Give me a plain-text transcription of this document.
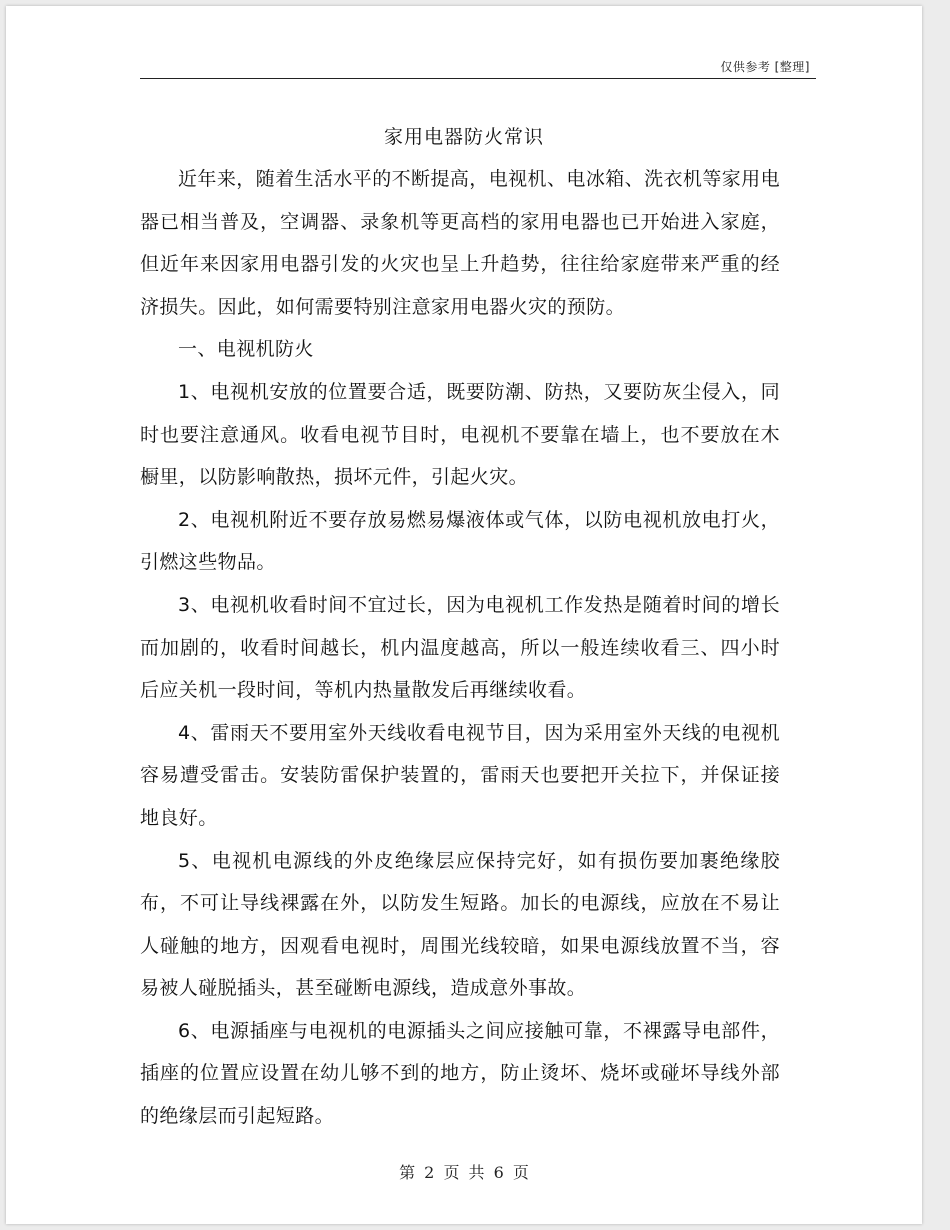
仅供参考 [整理]
家用电器防火常识

近年来，随着生活水平的不断提高，电视机、电冰箱、洗衣机等家用电器已相当普及，空调器、录象机等更高档的家用电器也已开始进入家庭，但近年来因家用电器引发的火灾也呈上升趋势，往往给家庭带来严重的经济损失。因此，如何需要特别注意家用电器火灾的预防。

一、电视机防火

1、电视机安放的位置要合适，既要防潮、防热，又要防灰尘侵入，同时也要注意通风。收看电视节目时，电视机不要靠在墙上，也不要放在木橱里，以防影响散热，损坏元件，引起火灾。

2、电视机附近不要存放易燃易爆液体或气体，以防电视机放电打火，引燃这些物品。

3、电视机收看时间不宜过长，因为电视机工作发热是随着时间的增长而加剧的，收看时间越长，机内温度越高，所以一般连续收看三、四小时后应关机一段时间，等机内热量散发后再继续收看。

4、雷雨天不要用室外天线收看电视节目，因为采用室外天线的电视机容易遭受雷击。安装防雷保护装置的，雷雨天也要把开关拉下，并保证接地良好。

5、电视机电源线的外皮绝缘层应保持完好，如有损伤要加裹绝缘胶布，不可让导线裸露在外，以防发生短路。加长的电源线，应放在不易让人碰触的地方，因观看电视时，周围光线较暗，如果电源线放置不当，容易被人碰脱插头，甚至碰断电源线，造成意外事故。

6、电源插座与电视机的电源插头之间应接触可靠，不裸露导电部件，插座的位置应设置在幼儿够不到的地方，防止烫坏、烧坏或碰坏导线外部的绝缘层而引起短路。

第 2 页 共 6 页
